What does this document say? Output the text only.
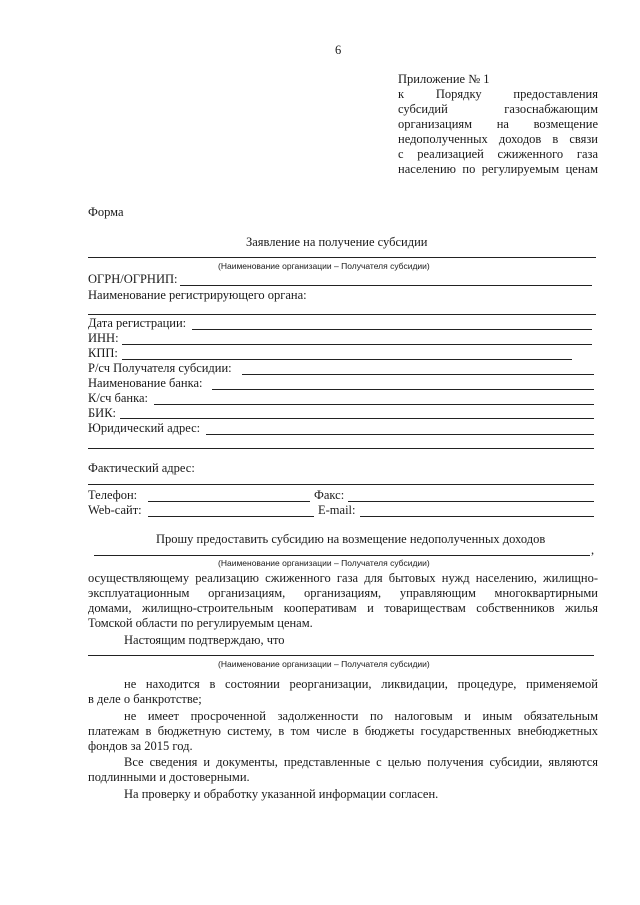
6
Приложение № 1
к Порядку предоставления
субсидий газоснабжающим
организациям на возмещение
недополученных доходов в связи
с реализацией сжиженного газа
населению по регулируемым ценам
Форма
Заявление на получение субсидии
(Наименование организации – Получателя субсидии)
ОГРН/ОГРНИП:
Наименование регистрирующего органа:
Дата регистрации:
ИНН:
КПП:
Р/сч Получателя субсидии:
Наименование банка:
К/сч банка:
БИК:
Юридический адрес:
Фактический адрес:
Телефон:	Факс:
Web-сайт:	E-mail:
Прошу предоставить субсидию на возмещение недополученных доходов
,
(Наименование организации – Получателя субсидии)
осуществляющему реализацию сжиженного газа для бытовых нужд населению, жилищно-
эксплуатационным организациям, организациям, управляющим многоквартирными
домами, жилищно-строительным кооперативам и товариществам собственников жилья
Томской области по регулируемым ценам.
Настоящим подтверждаю, что
(Наименование организации – Получателя субсидии)
не находится в состоянии реорганизации, ликвидации, процедуре, применяемой
в деле о банкротстве;
не имеет просроченной задолженности по налоговым и иным обязательным
платежам в бюджетную систему, в том числе в бюджеты государственных внебюджетных
фондов за 2015 год.
Все сведения и документы, представленные с целью получения субсидии, являются
подлинными и достоверными.
На проверку и обработку указанной информации согласен.
